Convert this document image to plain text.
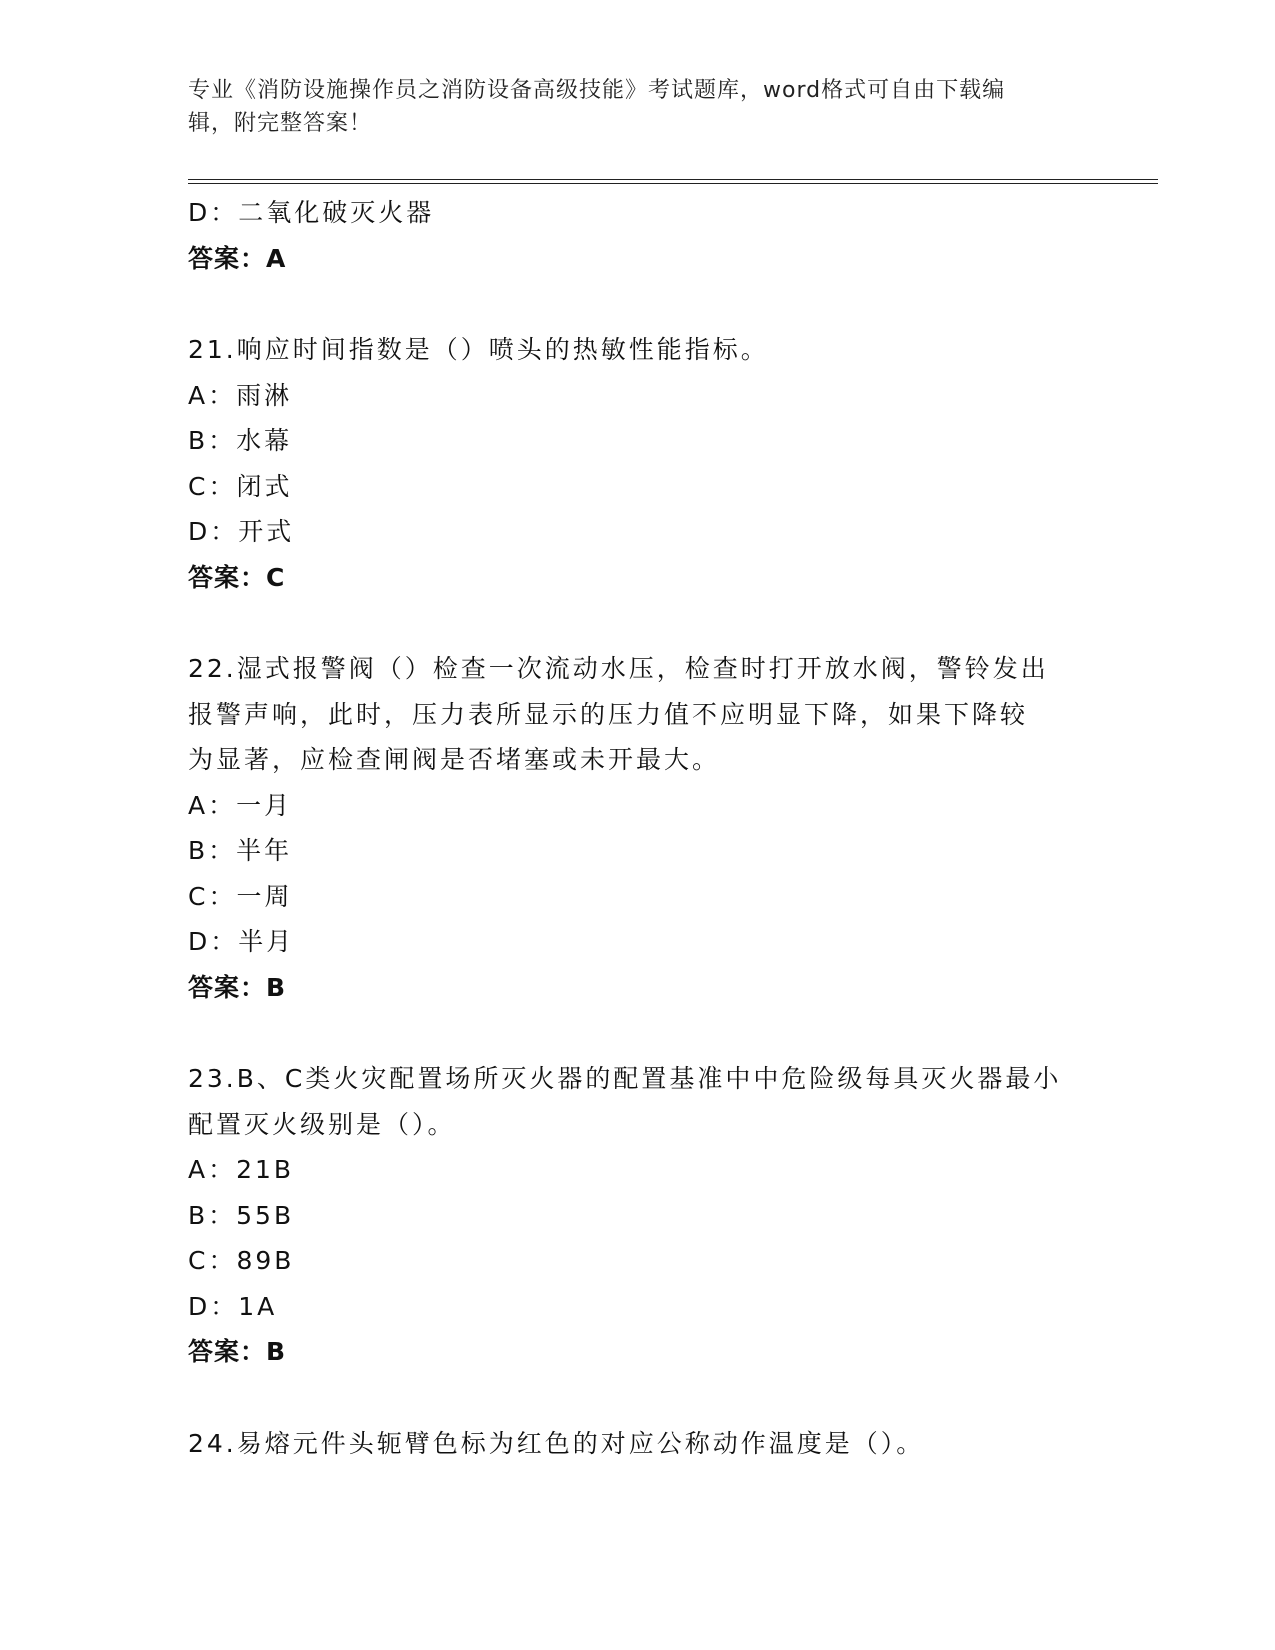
专业《消防设施操作员之消防设备高级技能》考试题库，word格式可自由下载编
辑，附完整答案！
D：二氧化破灭火器
答案：A
21.响应时间指数是（）喷头的热敏性能指标。
A：雨淋
B：水幕
C：闭式
D：开式
答案：C
22.湿式报警阀（）检查一次流动水压，检查时打开放水阀，警铃发出
报警声响，此时，压力表所显示的压力值不应明显下降，如果下降较
为显著，应检查闸阀是否堵塞或未开最大。
A：一月
B：半年
C：一周
D：半月
答案：B
23.B、C类火灾配置场所灭火器的配置基准中中危险级每具灭火器最小
配置灭火级别是（）。
A：21B
B：55B
C：89B
D：1A
答案：B
24.易熔元件头轭臂色标为红色的对应公称动作温度是（）。
